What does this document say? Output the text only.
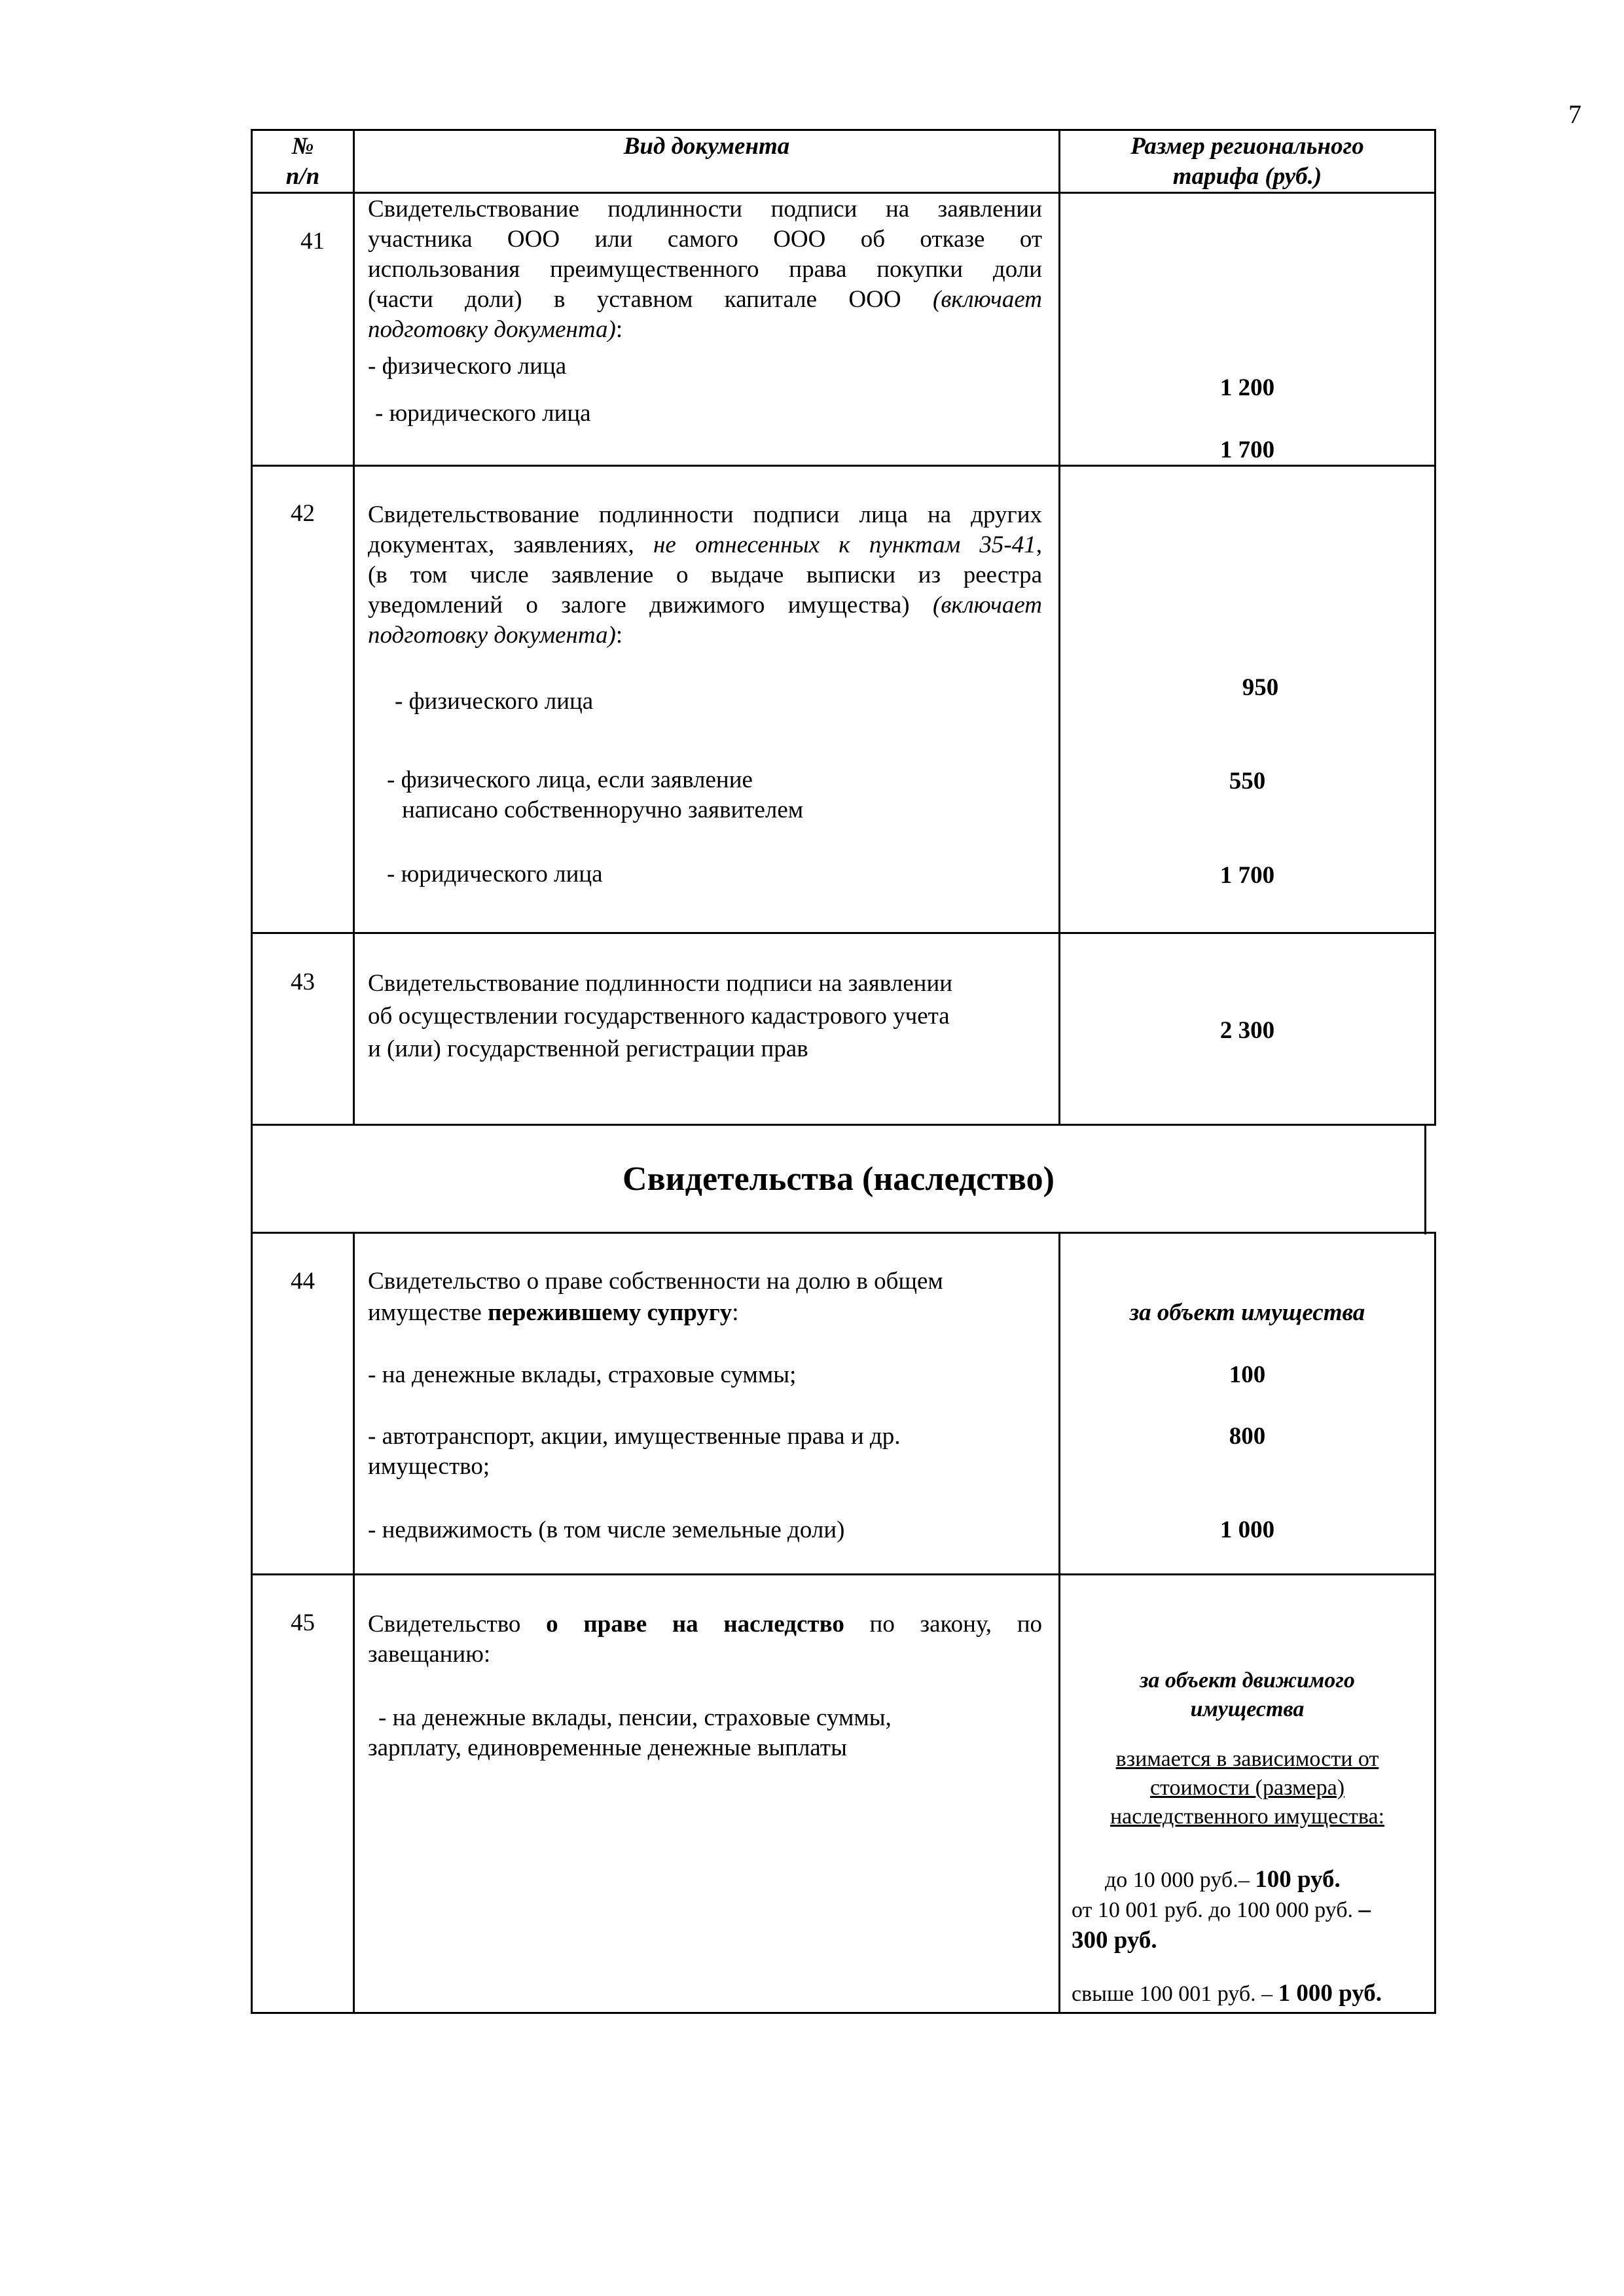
7
№
п/п
Вид документа	Размер регионального
тарифа (руб.)
41
Свидетельствование подлинности подписи на заявлении
участника ООО или самого ООО об отказе от
использования преимущественного права покупки доли
(части доли) в уставном капитале ООО (включает
подготовку документа):
- физического лица
- юридического лица
1 200
1 700
42 Свидетельствование подлинности подписи лица на других
документах, заявлениях, не отнесенных к пунктам 35-41,
(в том числе заявление о выдаче выписки из реестра
уведомлений о залоге движимого имущества) (включает
подготовку документа):
- физического лица
- физического лица, если заявление
написано собственноручно заявителем
- юридического лица
950
550
1 700
43 Свидетельствование подлинности подписи на заявлении
об осуществлении государственного кадастрового учета
и (или) государственной регистрации прав
2 300
Свидетельства (наследство)
44 Свидетельство о праве собственности на долю в общем
имуществе пережившему супругу:
- на денежные вклады, страховые суммы;
- автотранспорт, акции, имущественные права и др.
имущество;
- недвижимость (в том числе земельные доли)
за объект имущества
100
800
1 000
45 Свидетельство о праве на наследство по закону, по
завещанию:
- на денежные вклады, пенсии, страховые суммы,
зарплату, единовременные денежные выплаты
за объект движимого
имущества
взимается в зависимости от
стоимости (размера)
наследственного имущества:
до 10 000 руб.– 100 руб.
от 10 001 руб. до 100 000 руб. –
300 руб.
свыше 100 001 руб. – 1 000 руб.
